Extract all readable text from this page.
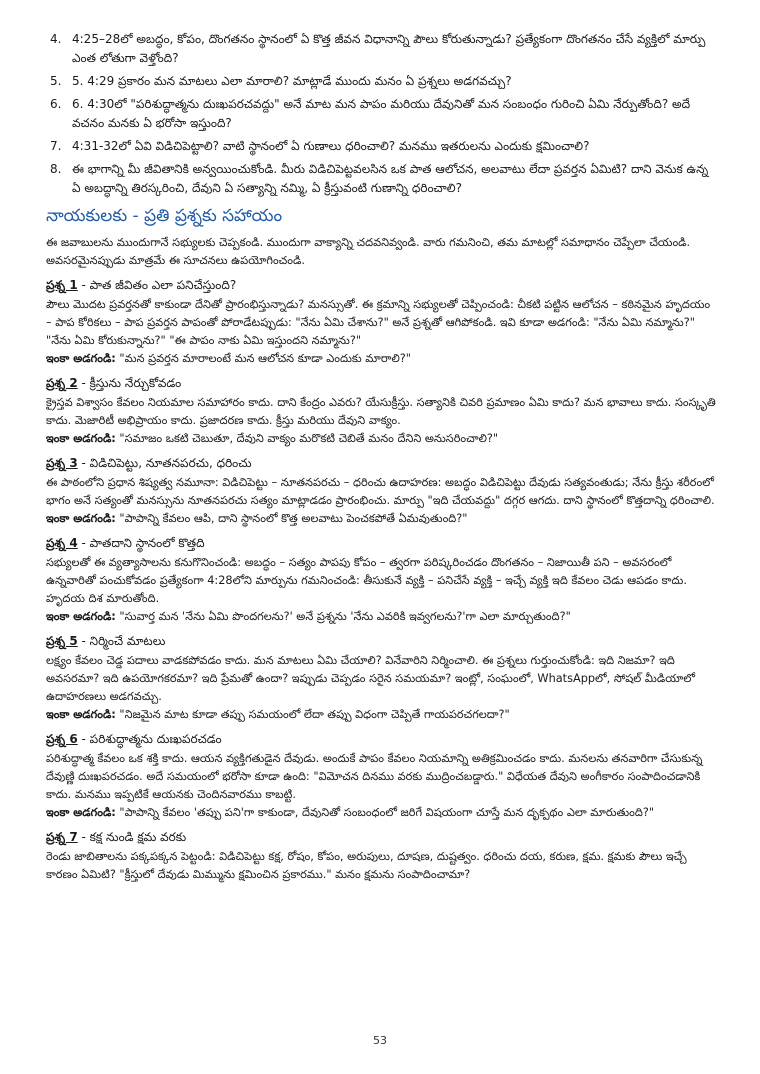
4. 4:25–28లో అబద్ధం, కోపం, దొంగతనం స్థానంలో ఏ కొత్త జీవన విధానాన్ని పౌలు కోరుతున్నాడు? ప్రత్యేకంగా దొంగతనం చేసే వ్యక్తిలో మార్పు ఎంత లోతుగా వెళ్తోంది?
5. 5. 4:29 ప్రకారం మన మాటలు ఎలా మారాలి? మాట్లాడే ముందు మనం ఏ ప్రశ్నలు అడగవచ్చు?
6. 6. 4:30లో "పరిశుద్ధాత్మను దుఃఖపరచవద్దు" అనే మాట మన పాపం మరియు దేవునితో మన సంబంధం గురించి ఏమి నేర్పుతోంది? అదే వచనం మనకు ఏ భరోసా ఇస్తుంది?
7. 4:31-32లో ఏవి విడిచిపెట్టాలి? వాటి స్థానంలో ఏ గుణాలు ధరించాలి? మనము ఇతరులను ఎందుకు క్షమించాలి?
8. ఈ భాగాన్ని మీ జీవితానికి అన్వయించుకోండి. మీరు విడిచిపెట్టవలసిన ఒక పాత ఆలోచన, అలవాటు లేదా ప్రవర్తన ఏమిటి? దాని వెనుక ఉన్న ఏ అబద్ధాన్ని తిరస్కరించి, దేవుని ఏ సత్యాన్ని నమ్మి, ఏ క్రీస్తువంటి గుణాన్ని ధరించాలి?
నాయకులకు - ప్రతి ప్రశ్నకు సహాయం

ఈ జవాబులను ముందుగానే సభ్యులకు చెప్పకండి. ముందుగా వాక్యాన్ని చదవనివ్వండి. వారు గమనించి, తమ మాటల్లో సమాధానం చెప్పేలా చేయండి. అవసరమైనప్పుడు మాత్రమే ఈ సూచనలు ఉపయోగించండి.

ప్రశ్న 1 - పాత జీవితం ఎలా పనిచేస్తుంది?

పౌలు మొదట ప్రవర్తనతో కాకుండా దేనితో ప్రారంభిస్తున్నాడు? మనస్సుతో. ఈ క్రమాన్ని సభ్యులతో చెప్పించండి: చీకటి పట్టిన ఆలోచన – కఠినమైన హృదయం – పాప కోరికలు – పాప ప్రవర్తన పాపంతో పోరాడేటప్పుడు: "నేను ఏమి చేశాను?" అనే ప్రశ్నతో ఆగిపోకండి. ఇవి కూడా అడగండి: "నేను ఏమి నమ్మాను?" "నేను ఏమి కోరుకున్నాను?" "ఈ పాపం నాకు ఏమి ఇస్తుందని నమ్మాను?"

ఇంకా అడగండి: "మన ప్రవర్తన మారాలంటే మన ఆలోచన కూడా ఎందుకు మారాలి?"
ప్రశ్న 2 - క్రీస్తును నేర్చుకోవడం

క్రైస్తవ విశ్వాసం కేవలం నియమాల సమాహారం కాదు. దాని కేంద్రం ఎవరు? యేసుక్రీస్తు. సత్యానికి చివరి ప్రమాణం ఏమి కాదు? మన భావాలు కాదు. సంస్కృతి కాదు. మెజారిటీ అభిప్రాయం కాదు. ప్రజాదరణ కాదు. క్రీస్తు మరియు దేవుని వాక్యం.

ఇంకా అడగండి: "సమాజం ఒకటి చెబుతూ, దేవుని వాక్యం మరొకటి చెబితే మనం దేనిని అనుసరించాలి?"
ప్రశ్న 3 - విడిచిపెట్టు, నూతనపరచు, ధరించు

ఈ పాఠంలోని ప్రధాన శిష్యత్వ నమూనా: విడిచిపెట్టు – నూతనపరచు – ధరించు ఉదాహరణ: అబద్ధం విడిచిపెట్టు దేవుడు సత్యవంతుడు; నేను క్రీస్తు శరీరంలో భాగం అనే సత్యంతో మనస్సును నూతనపరచు సత్యం మాట్లాడడం ప్రారంభించు. మార్పు "ఇది చేయవద్దు" దగ్గర ఆగదు. దాని స్థానంలో కొత్తదాన్ని ధరించాలి.

ఇంకా అడగండి: "పాపాన్ని కేవలం ఆపి, దాని స్థానంలో కొత్త అలవాటు పెంచకపోతే ఏమవుతుంది?"
ప్రశ్న 4 - పాతదాని స్థానంలో కొత్తది

సభ్యులతో ఈ వ్యత్యాసాలను కనుగొనించండి: అబద్ధం – సత్యం పాపపు కోపం – త్వరగా పరిష్కరించడం దొంగతనం – నిజాయితీ పని – అవసరంలో ఉన్నవారితో పంచుకోవడం ప్రత్యేకంగా 4:28లోని మార్పును గమనించండి: తీసుకునే వ్యక్తి – పనిచేసే వ్యక్తి – ఇచ్చే వ్యక్తి ఇది కేవలం చెడు ఆపడం కాదు. హృదయ దిశ మారుతోంది.

ఇంకా అడగండి: "సువార్త మన 'నేను ఏమి పొందగలను?' అనే ప్రశ్నను 'నేను ఎవరికి ఇవ్వగలను?'గా ఎలా మార్చుతుంది?"
ప్రశ్న 5 - నిర్మించే మాటలు

లక్ష్యం కేవలం చెడ్డ పదాలు వాడకపోవడం కాదు. మన మాటలు ఏమి చేయాలి? వినేవారిని నిర్మించాలి. ఈ ప్రశ్నలు గుర్తుంచుకోండి: ఇది నిజమా? ఇది అవసరమా? ఇది ఉపయోగకరమా? ఇది ప్రేమతో ఉందా? ఇప్పుడు చెప్పడం సరైన సమయమా? ఇంట్లో, సంఘంలో, WhatsAppలో, సోషల్ మీడియాలో ఉదాహరణలు అడగవచ్చు.

ఇంకా అడగండి: "నిజమైన మాట కూడా తప్పు సమయంలో లేదా తప్పు విధంగా చెప్పితే గాయపరచగలదా?"
ప్రశ్న 6 - పరిశుద్ధాత్మను దుఃఖపరచడం

పరిశుద్ధాత్మ కేవలం ఒక శక్తి కాదు. ఆయన వ్యక్తిగతుడైన దేవుడు. అందుకే పాపం కేవలం నియమాన్ని అతిక్రమించడం కాదు. మనలను తనవారిగా చేసుకున్న దేవుణ్ణి దుఃఖపరచడం. అదే సమయంలో భరోసా కూడా ఉంది: "విమోచన దినము వరకు ముద్రించబడ్డారు." విధేయత దేవుని అంగీకారం సంపాదించడానికి కాదు. మనము ఇప్పటికే ఆయనకు చెందినవారము కాబట్టి.

ఇంకా అడగండి: "పాపాన్ని కేవలం 'తప్పు పని'గా కాకుండా, దేవునితో సంబంధంలో జరిగే విషయంగా చూస్తే మన దృక్పథం ఎలా మారుతుంది?"
ప్రశ్న 7 - కక్ష నుండి క్షమ వరకు

రెండు జాబితాలను పక్కపక్కన పెట్టండి: విడిచిపెట్టు కక్ష, రోషం, కోపం, అరుపులు, దూషణ, దుష్టత్వం. ధరించు దయ, కరుణ, క్షమ. క్షమకు పౌలు ఇచ్చే కారణం ఏమిటి? "క్రీస్తులో దేవుడు మిమ్మును క్షమించిన ప్రకారము." మనం క్షమను సంపాదించామా?

53
